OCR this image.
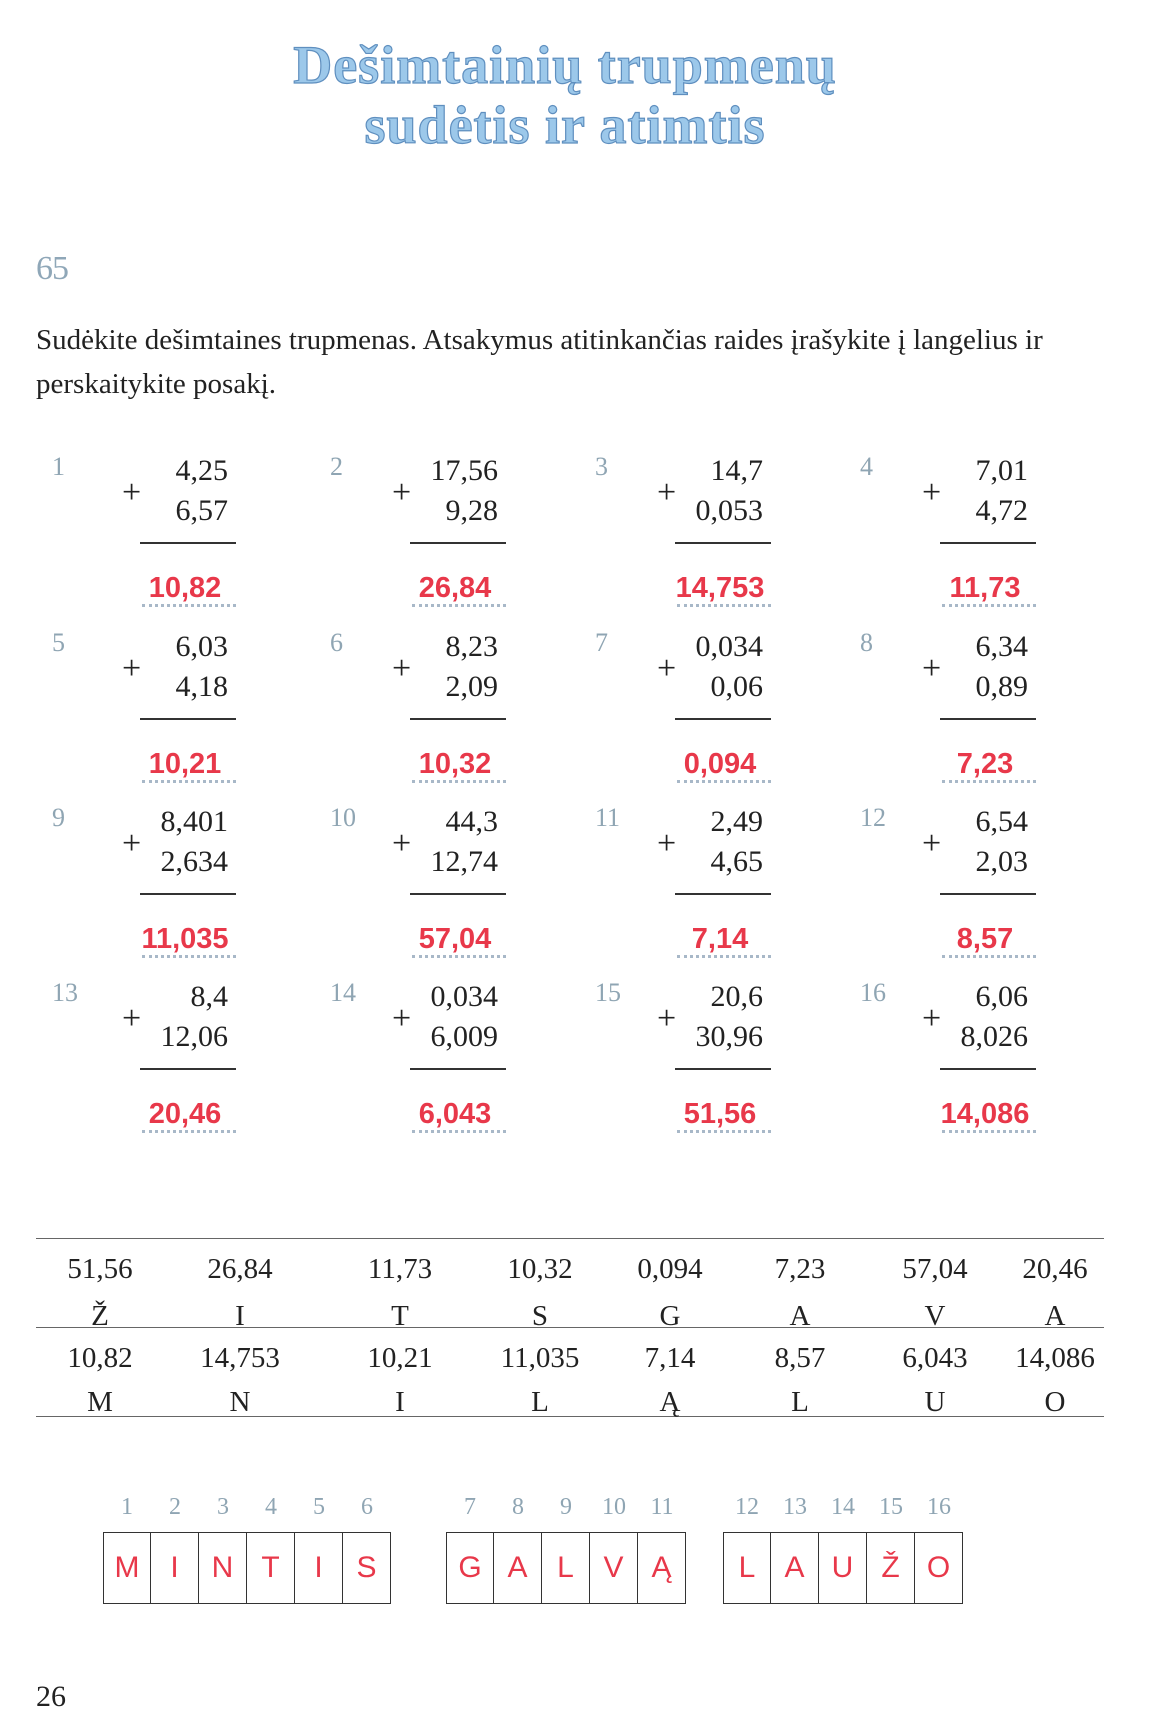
Dešimtainių trupmenų
sudėtis ir atimtis
65
Sudėkite dešimtaines trupmenas. Atsakymus atitinkančias raides įrašykite į langelius ir perskaitykite posakį.
1
+
4,25
6,57
10,82
2
+
17,56
9,28
26,84
3
+
14,7
0,053
14,753
4
+
7,01
4,72
11,73
5
+
6,03
4,18
10,21
6
+
8,23
2,09
10,32
7
+
0,034
0,06
0,094
8
+
6,34
0,89
7,23
9
+
8,401
2,634
11,035
10
+
44,3
12,74
57,04
11
+
2,49
4,65
7,14
12
+
6,54
2,03
8,57
13
+
8,4
12,06
20,46
14
+
0,034
6,009
6,043
15
+
20,6
30,96
51,56
16
+
6,06
8,026
14,086
51,56
Ž
26,84
I
11,73
T
10,32
S
0,094
G
7,23
A
57,04
V
20,46
A
10,82
M
14,753
N
10,21
I
11,035
L
7,14
Ą
8,57
L
6,043
U
14,086
O
1
M
2
I
3
N
4
T
5
I
6
S
7
G
8
A
9
L
10
V
11
Ą
12
L
13
A
14
U
15
Ž
16
O
26
